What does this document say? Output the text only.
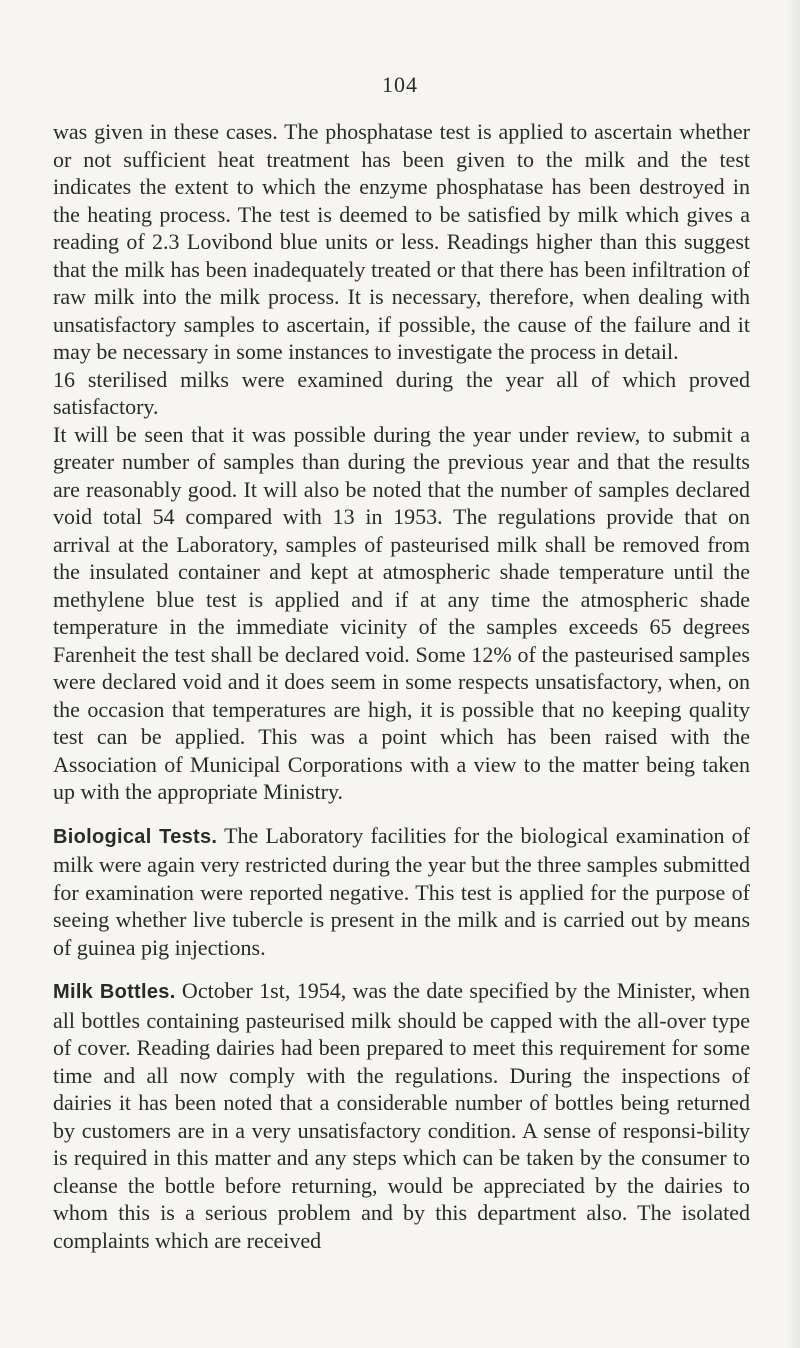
104

was given in these cases. The phosphatase test is applied to ascertain whether or not sufficient heat treatment has been given to the milk and the test indicates the extent to which the enzyme phosphatase has been destroyed in the heating process. The test is deemed to be satisfied by milk which gives a reading of 2.3 Lovibond blue units or less. Readings higher than this suggest that the milk has been inadequately treated or that there has been infiltration of raw milk into the milk process. It is necessary, therefore, when dealing with unsatisfactory samples to ascertain, if possible, the cause of the failure and it may be necessary in some instances to investigate the process in detail.

16 sterilised milks were examined during the year all of which proved satisfactory.

It will be seen that it was possible during the year under review, to submit a greater number of samples than during the previous year and that the results are reasonably good. It will also be noted that the number of samples declared void total 54 compared with 13 in 1953. The regulations provide that on arrival at the Laboratory, samples of pasteurised milk shall be removed from the insulated container and kept at atmospheric shade temperature until the methylene blue test is applied and if at any time the atmospheric shade temperature in the immediate vicinity of the samples exceeds 65 degrees Farenheit the test shall be declared void. Some 12% of the pasteurised samples were declared void and it does seem in some respects unsatisfactory, when, on the occasion that temperatures are high, it is possible that no keeping quality test can be applied. This was a point which has been raised with the Association of Municipal Corporations with a view to the matter being taken up with the appropriate Ministry.

Biological Tests. The Laboratory facilities for the biological examination of milk were again very restricted during the year but the three samples submitted for examination were reported negative. This test is applied for the purpose of seeing whether live tubercle is present in the milk and is carried out by means of guinea pig injections.

Milk Bottles. October 1st, 1954, was the date specified by the Minister, when all bottles containing pasteurised milk should be capped with the all-over type of cover. Reading dairies had been prepared to meet this requirement for some time and all now comply with the regulations. During the inspections of dairies it has been noted that a considerable number of bottles being returned by customers are in a very unsatisfactory condition. A sense of responsi-bility is required in this matter and any steps which can be taken by the consumer to cleanse the bottle before returning, would be appreciated by the dairies to whom this is a serious problem and by this department also. The isolated complaints which are received
